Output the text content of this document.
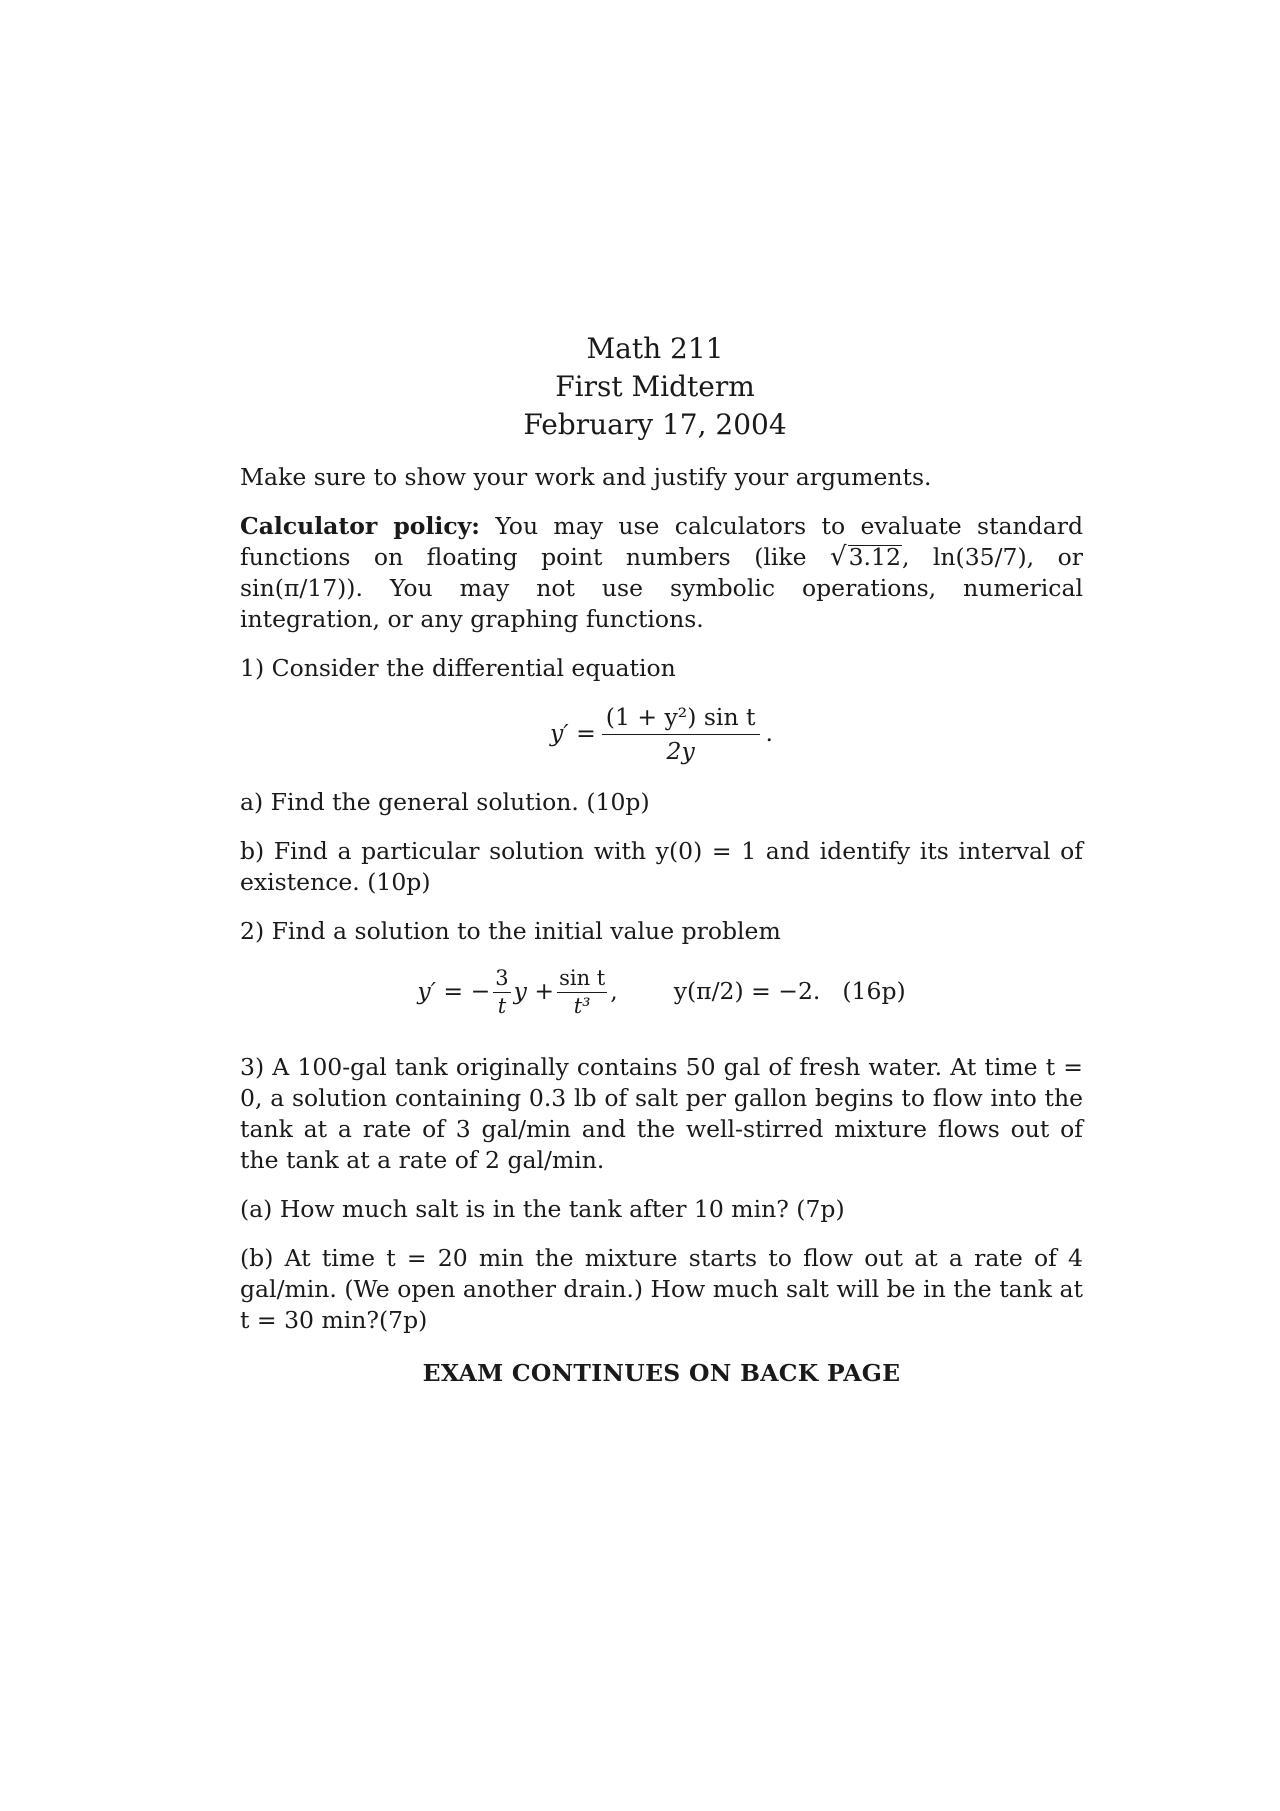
Math 211
First Midterm
February 17, 2004

Make sure to show your work and justify your arguments.

Calculator policy: You may use calculators to evaluate standard functions on floating point numbers (like √3.12, ln(35/7), or sin(π/17)). You may not use symbolic operations, numerical integration, or any graphing functions.

1) Consider the differential equation

$y' = \frac{\text{(1 + y²) sin t}}{2y}$ .

a) Find the general solution. (10p)

b) Find a particular solution with y(0) = 1 and identify its interval of existence. (10p)

2) Find a solution to the initial value problem

y′ = − $\frac{3}{t}$ $y + \frac{\text{sin t}}{\text{t³}}$ , y(π/2) = −2. (16p)

3) A 100-gal tank originally contains 50 gal of fresh water. At time t = 0, a solution containing 0.3 lb of salt per gallon begins to flow into the tank at a rate of 3 gal/min and the well-stirred mixture flows out of the tank at a rate of 2 gal/min.

(a) How much salt is in the tank after 10 min? (7p)

(b) At time t = 20 min the mixture starts to flow out at a rate of 4 gal/min. (We open another drain.) How much salt will be in the tank at t = 30 min?(7p)

EXAM CONTINUES ON BACK PAGE
